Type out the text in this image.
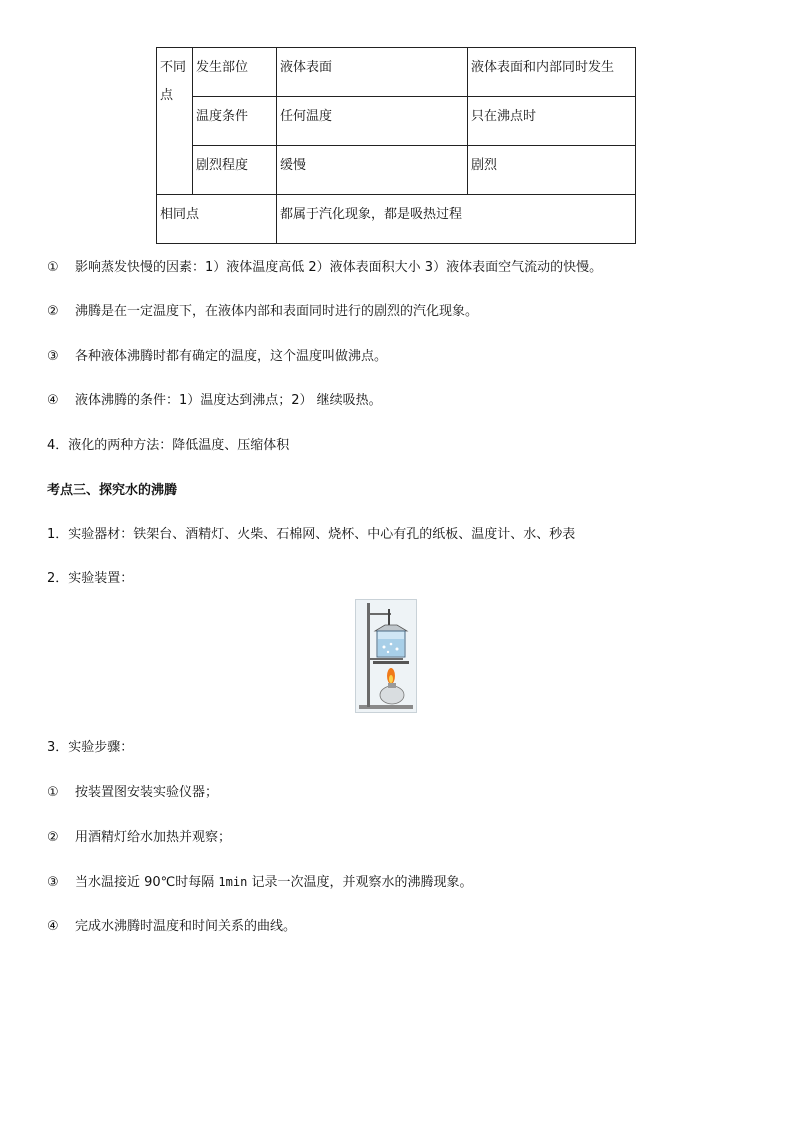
不同点	发生部位	液体表面	液体表面和内部同时发生
	温度条件	任何温度	只在沸点时
	剧烈程度	缓慢	剧烈
相同点		都属于汽化现象，都是吸热过程	
① 影响蒸发快慢的因素：1）液体温度高低 2）液体表面积大小 3）液体表面空气流动的快慢。
② 沸腾是在一定温度下，在液体内部和表面同时进行的剧烈的汽化现象。
③ 各种液体沸腾时都有确定的温度，这个温度叫做沸点。
④ 液体沸腾的条件：1）温度达到沸点；2） 继续吸热。
4．液化的两种方法：降低温度、压缩体积
考点三、探究水的沸腾
1．实验器材：铁架台、酒精灯、火柴、石棉网、烧杯、中心有孔的纸板、温度计、水、秒表
2．实验装置：
3．实验步骤：
① 按装置图安装实验仪器；
② 用酒精灯给水加热并观察；
③ 当水温接近 90℃时每隔 1min 记录一次温度，并观察水的沸腾现象。
④ 完成水沸腾时温度和时间关系的曲线。
